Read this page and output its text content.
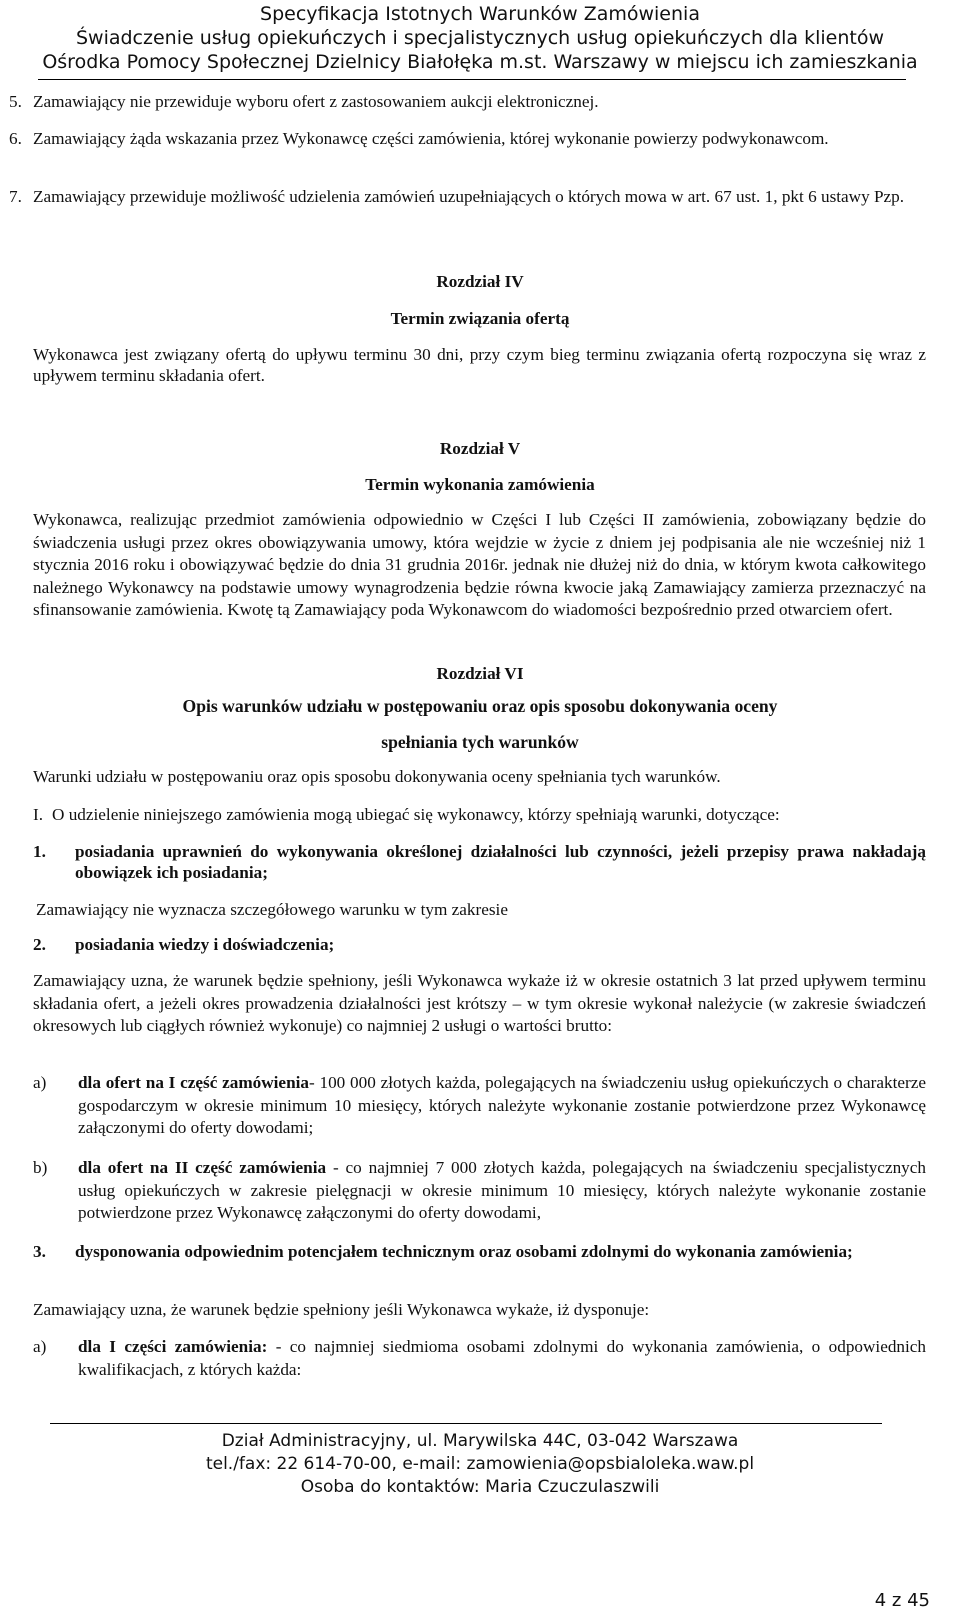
Specyfikacja Istotnych Warunków Zamówienia
Świadczenie usług opiekuńczych i specjalistycznych usług opiekuńczych dla klientów
Ośrodka Pomocy Społecznej Dzielnicy Białołęka m.st. Warszawy w miejscu ich zamieszkania
5. Zamawiający nie przewiduje wyboru ofert z zastosowaniem aukcji elektronicznej.
6. Zamawiający żąda wskazania przez Wykonawcę części zamówienia, której wykonanie powierzy podwykonawcom.
7. Zamawiający przewiduje możliwość udzielenia zamówień uzupełniających o których mowa w art. 67 ust. 1, pkt 6 ustawy Pzp.
Rozdział IV
Termin związania ofertą

Wykonawca jest związany ofertą do upływu terminu 30 dni, przy czym bieg terminu związania ofertą rozpoczyna się wraz z upływem terminu składania ofert.

Rozdział V
Termin wykonania zamówienia

Wykonawca, realizując przedmiot zamówienia odpowiednio w Części I lub Części II zamówienia, zobowiązany będzie do świadczenia usługi przez okres obowiązywania umowy, która wejdzie w życie z dniem jej podpisania ale nie wcześniej niż 1 stycznia 2016 roku i obowiązywać będzie do dnia 31 grudnia 2016r. jednak nie dłużej niż do dnia, w którym kwota całkowitego należnego Wykonawcy na podstawie umowy wynagrodzenia będzie równa kwocie jaką Zamawiający zamierza przeznaczyć na sfinansowanie zamówienia. Kwotę tą Zamawiający poda Wykonawcom do wiadomości bezpośrednio przed otwarciem ofert.

Rozdział VI
Opis warunków udziału w postępowaniu oraz opis sposobu dokonywania oceny
spełniania tych warunków

Warunki udziału w postępowaniu oraz opis sposobu dokonywania oceny spełniania tych warunków.

I. O udzielenie niniejszego zamówienia mogą ubiegać się wykonawcy, którzy spełniają warunki, dotyczące:
1. posiadania uprawnień do wykonywania określonej działalności lub czynności, jeżeli przepisy prawa nakładają obowiązek ich posiadania;

Zamawiający nie wyznacza szczegółowego warunku w tym zakresie

2. posiadania wiedzy i doświadczenia;

Zamawiający uzna, że warunek będzie spełniony, jeśli Wykonawca wykaże iż w okresie ostatnich 3 lat przed upływem terminu składania ofert, a jeżeli okres prowadzenia działalności jest krótszy – w tym okresie wykonał należycie (w zakresie świadczeń okresowych lub ciągłych również wykonuje) co najmniej 2 usługi o wartości brutto:

a) dla ofert na I część zamówienia- 100 000 złotych każda, polegających na świadczeniu usług opiekuńczych o charakterze gospodarczym w okresie minimum 10 miesięcy, których należyte wykonanie zostanie potwierdzone przez Wykonawcę załączonymi do oferty dowodami;
b) dla ofert na II część zamówienia - co najmniej 7 000 złotych każda, polegających na świadczeniu specjalistycznych usług opiekuńczych w zakresie pielęgnacji w okresie minimum 10 miesięcy, których należyte wykonanie zostanie potwierdzone przez Wykonawcę załączonymi do oferty dowodami,
3. dysponowania odpowiednim potencjałem technicznym oraz osobami zdolnymi do wykonania zamówienia;

Zamawiający uzna, że warunek będzie spełniony jeśli Wykonawca wykaże, iż dysponuje:

a) dla I części zamówienia: - co najmniej siedmioma osobami zdolnymi do wykonania zamówienia, o odpowiednich kwalifikacjach, z których każda:
Dział Administracyjny, ul. Marywilska 44C, 03-042 Warszawa
tel./fax: 22 614-70-00, e-mail: zamowienia@opsbialoleka.waw.pl
Osoba do kontaktów: Maria Czuczulaszwili
4 z 45
